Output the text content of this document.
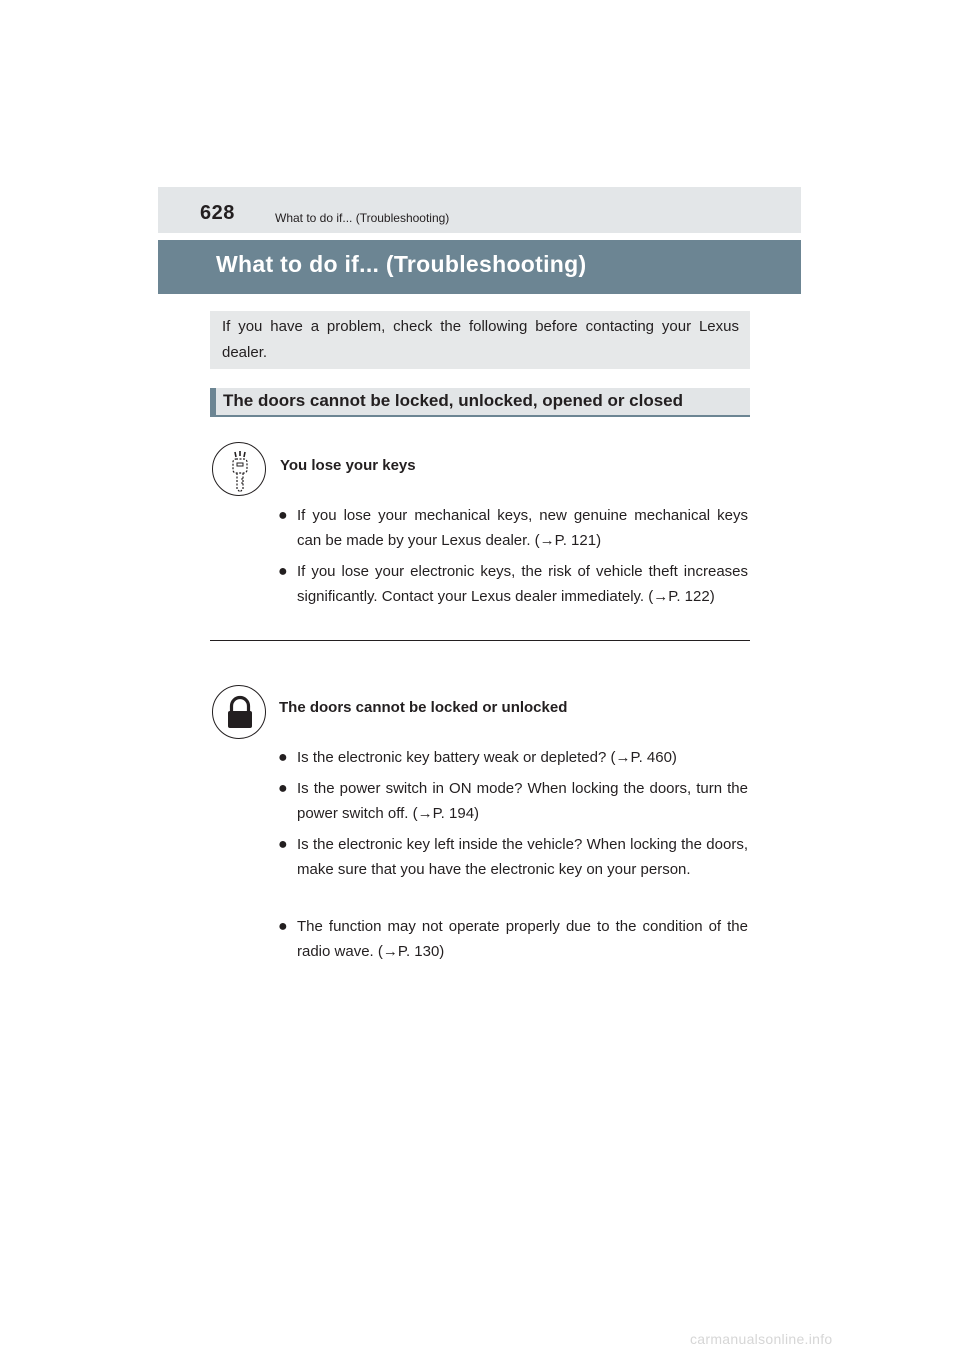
628	What to do if... (Troubleshooting)
What to do if... (Troubleshooting)
If you have a problem, check the following before contacting your Lexus dealer.
The doors cannot be locked, unlocked, opened or closed
You lose your keys
● If you lose your mechanical keys, new genuine mechanical keys can be made by your Lexus dealer. (→P. 121)
● If you lose your electronic keys, the risk of vehicle theft increases significantly. Contact your Lexus dealer immediately. (→P. 122)
The doors cannot be locked or unlocked
● Is the electronic key battery weak or depleted? (→P. 460)
● Is the power switch in ON mode? When locking the doors, turn the power switch off. (→P. 194)
● Is the electronic key left inside the vehicle? When locking the doors, make sure that you have the electronic key on your person.
● The function may not operate properly due to the condition of the radio wave. (→P. 130)
carmanualsonline.info
